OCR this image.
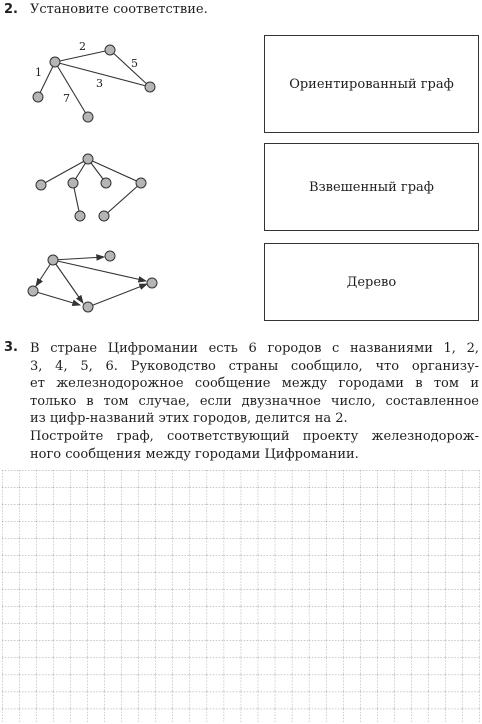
2. Установите соответствие.
1
2
3
5
7
Ориентированный граф
Взвешенный граф
Дерево
3. В стране Цифромании есть 6 городов с названиями 1, 2,
3, 4, 5, 6. Руководство страны сообщило, что организу-
ет железнодорожное сообщение между городами в том и
только в том случае, если двузначное число, составленное
из цифр-названий этих городов, делится на 2.
Постройте граф, соответствующий проекту железнодорож-
ного сообщения между городами Цифромании.
